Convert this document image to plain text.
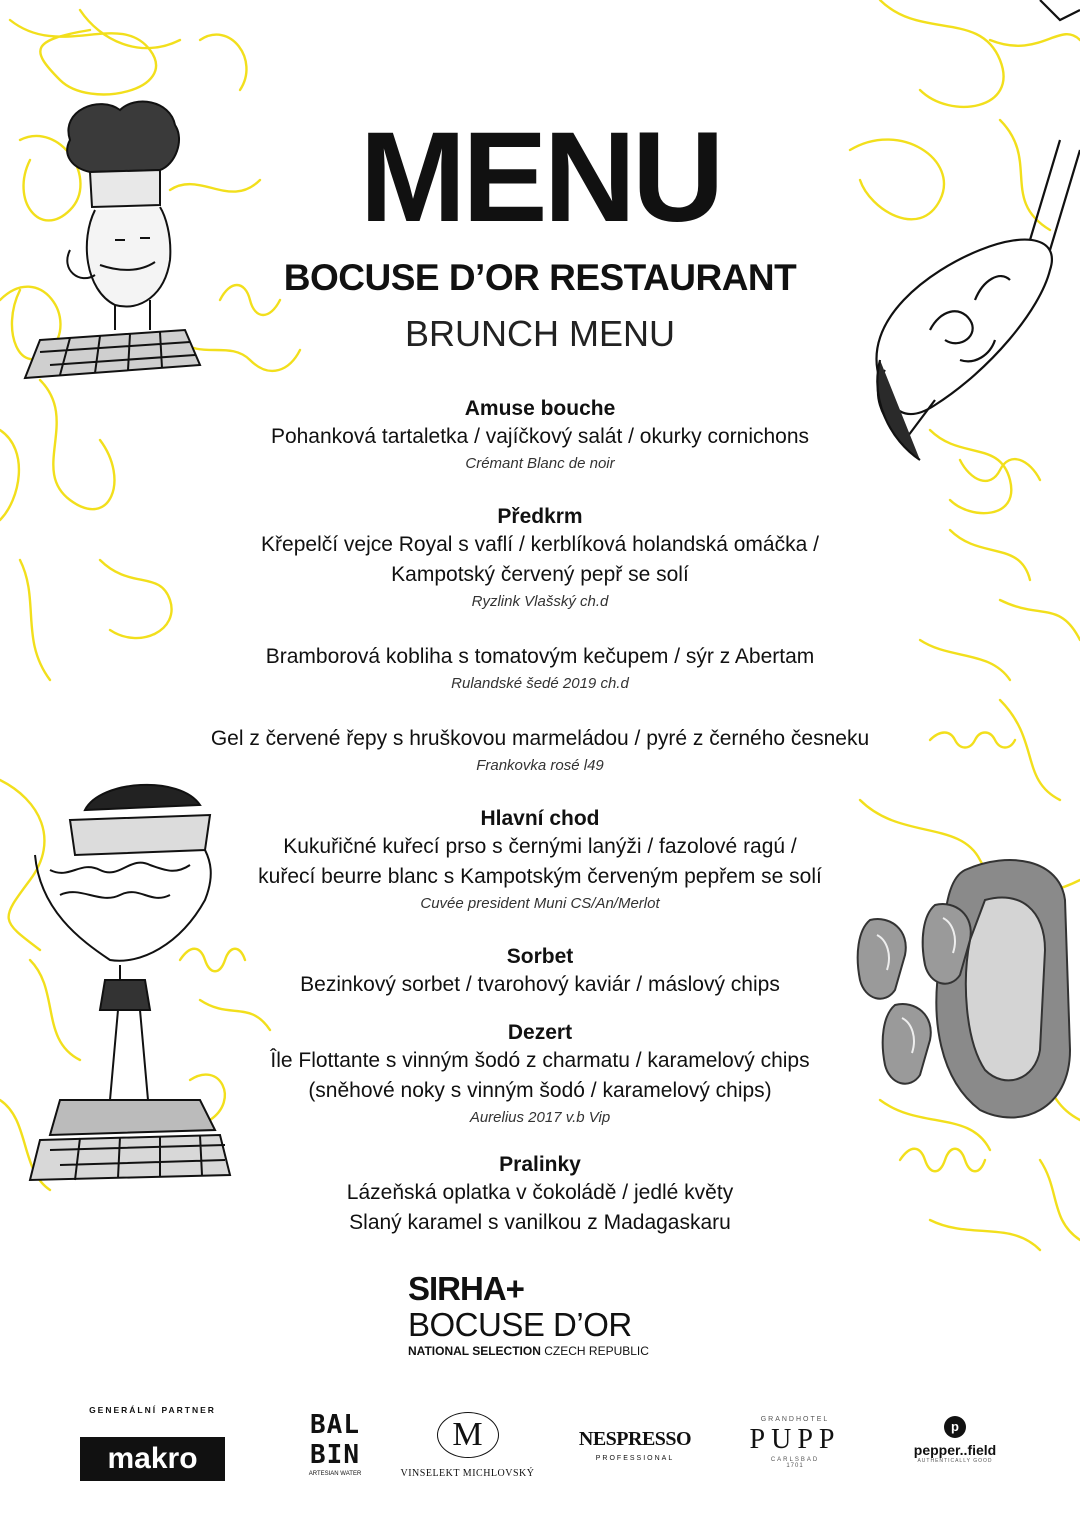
MENU
BOCUSE D’OR RESTAURANT
BRUNCH MENU
Amuse bouche
Pohanková tartaletka / vajíčkový salát / okurky cornichons
Crémant Blanc de noir
Předkrm
Křepelčí vejce Royal s vaflí / kerblíková holandská omáčka /
Kampotský červený pepř se solí
Ryzlink Vlašský ch.d
Bramborová kobliha s tomatovým kečupem / sýr z Abertam
Rulandské šedé 2019 ch.d
Gel z červené řepy s hruškovou marmeládou / pyré z černého česneku
Frankovka rosé l49
Hlavní chod
Kukuřičné kuřecí prso s černými lanýži / fazolové ragú /
kuřecí beurre blanc s Kampotským červeným pepřem se solí
Cuvée president Muni CS/An/Merlot
Sorbet
Bezinkový sorbet / tvarohový kaviár / máslový chips
Dezert
Île Flottante s vinným šodó z charmatu / karamelový chips
(sněhové noky s vinným šodó / karamelový chips)
Aurelius 2017 v.b Vip
Pralinky
Lázeňská oplatka v čokoládě / jedlé květy
Slaný karamel s vanilkou z Madagaskaru
SIRHA+
BOCUSE D’OR
NATIONAL SELECTION CZECH REPUBLIC
GENERÁLNÍ PARTNER
makro
BAL
BIN
ARTESIAN WATER
M
VINSELEKT MICHLOVSKÝ
NESPRESSO
PROFESSIONAL
GRANDHOTEL
PUPP
CARLSBAD
1701
p
pepper..field
AUTHENTICALLY GOOD
